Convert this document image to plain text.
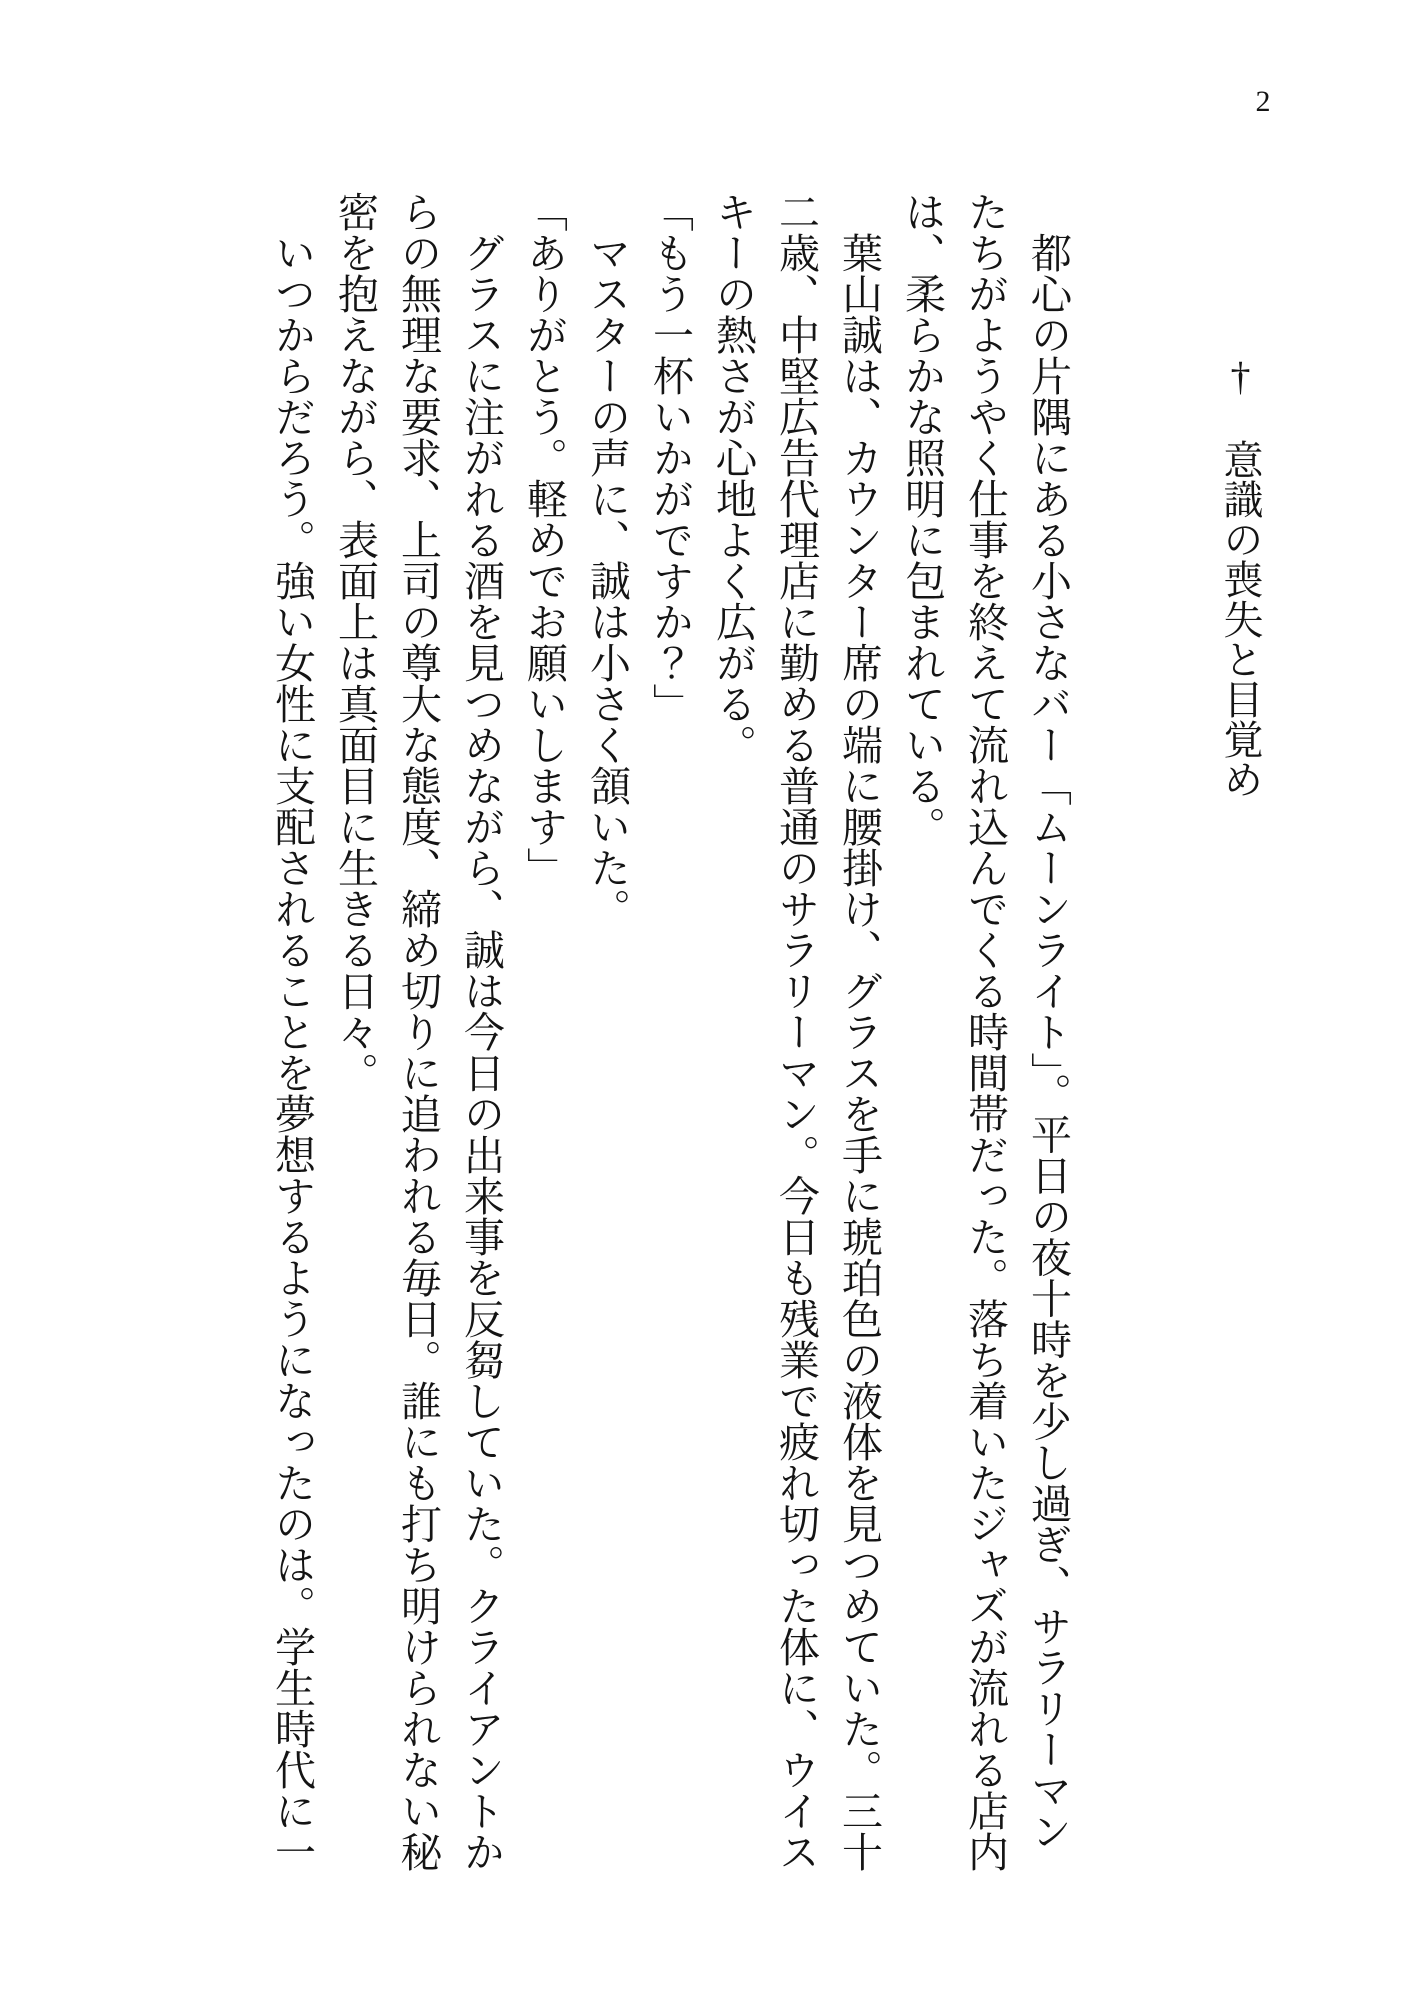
2
†　意識の喪失と目覚め

都心の片隅にある小さなバー「ムーンライト」。平日の夜十時を少し過ぎ、サラリーマンたちがようやく仕事を終えて流れ込んでくる時間帯だった。落ち着いたジャズが流れる店内は、柔らかな照明に包まれている。

葉山誠は、カウンター席の端に腰掛け、グラスを手に琥珀色の液体を見つめていた。三十二歳、中堅広告代理店に勤める普通のサラリーマン。今日も残業で疲れ切った体に、ウイスキーの熱さが心地よく広がる。

「もう一杯いかがですか？」

マスターの声に、誠は小さく頷いた。

「ありがとう。軽めでお願いします」

グラスに注がれる酒を見つめながら、誠は今日の出来事を反芻していた。クライアントからの無理な要求、上司の尊大な態度、締め切りに追われる毎日。誰にも打ち明けられない秘密を抱えながら、表面上は真面目に生きる日々。

いつからだろう。強い女性に支配されることを夢想するようになったのは。学生時代に一
